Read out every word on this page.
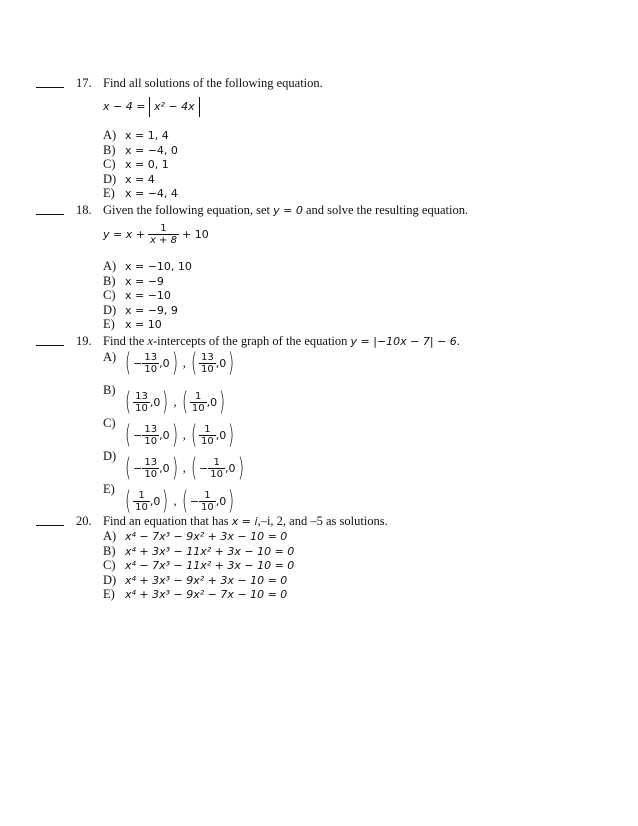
17. Find all solutions of the following equation.
x − 4 = x² − 4x
A) x = 1, 4
B) x = −4, 0
C) x = 0, 1
D) x = 4
E) x = −4, 4
18. Given the following equation, set y = 0 and solve the resulting equation.
$y = x + \frac{1}{x + 8} + 10$
A) x = −10, 10
B) x = −9
C) x = −10
D) x = −9, 9
E) x = 10
19. Find the x-intercepts of the graph of the equation y = |−10x − 7| − 6.
A) ( − $\frac{13}{10}$ , 0 ) , ( $\frac{13}{10}$ , 0 )
B) ( $\frac{13}{10}$ , 0 ) , ( $\frac{1}{10}$ , 0 )
C) ( − $\frac{13}{10}$ , 0 ) , ( $\frac{1}{10}$ , 0 )
D) ( − $\frac{13}{10}$ , 0 ) , ( − $\frac{1}{10}$ , 0 )
E) ( $\frac{1}{10}$ , 0 ) , ( − $\frac{1}{10}$ , 0 )
20. Find an equation that has x = i,–i, 2, and –5 as solutions.
A) x⁴ − 7x³ − 9x² + 3x − 10 = 0
B) x⁴ + 3x³ − 11x² + 3x − 10 = 0
C) x⁴ − 7x³ − 11x² + 3x − 10 = 0
D) x⁴ + 3x³ − 9x² + 3x − 10 = 0
E) x⁴ + 3x³ − 9x² − 7x − 10 = 0
